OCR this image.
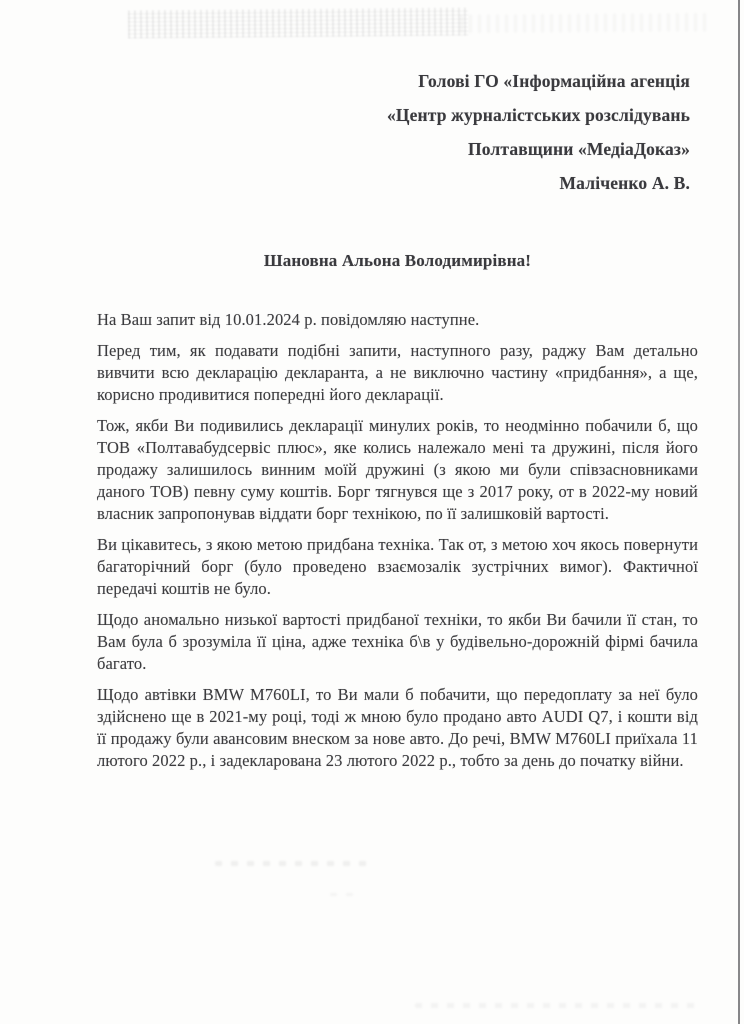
Голові ГО «Інформаційна агенція
«Центр журналістських розслідувань
Полтавщини «МедіаДоказ»
Маліченко А. В.
Шановна Альона Володимирівна!

На Ваш запит від 10.01.2024 р. повідомляю наступне.

Перед тим, як подавати подібні запити, наступного разу, раджу Вам детально вивчити всю декларацію декларанта, а не виключно частину «придбання», а ще, корисно продивитися попередні його декларації.

Тож, якби Ви подивились декларації минулих років, то неодмінно побачили б, що ТОВ «Полтавабудсервіс плюс», яке колись належало мені та дружині, після його продажу залишилось винним моїй дружині (з якою ми були співзасновниками даного ТОВ) певну суму коштів. Борг тягнувся ще з 2017 року, от в 2022-му новий власник запропонував віддати борг технікою, по її залишковій вартості.

Ви цікавитесь, з якою метою придбана техніка. Так от, з метою хоч якось повернути багаторічний борг (було проведено взаємозалік зустрічних вимог). Фактичної передачі коштів не було.

Щодо аномально низької вартості придбаної техніки, то якби Ви бачили її стан, то Вам була б зрозуміла її ціна, адже техніка б\в у будівельно-дорожній фірмі бачила багато.

Щодо автівки BMW M760LI, то Ви мали б побачити, що передоплату за неї було здійснено ще в 2021-му році, тоді ж мною було продано авто AUDI Q7, і кошти від її продажу були авансовим внеском за нове авто. До речі, BMW M760LI приїхала 11 лютого 2022 р., і задекларована 23 лютого 2022 р., тобто за день до початку війни.
